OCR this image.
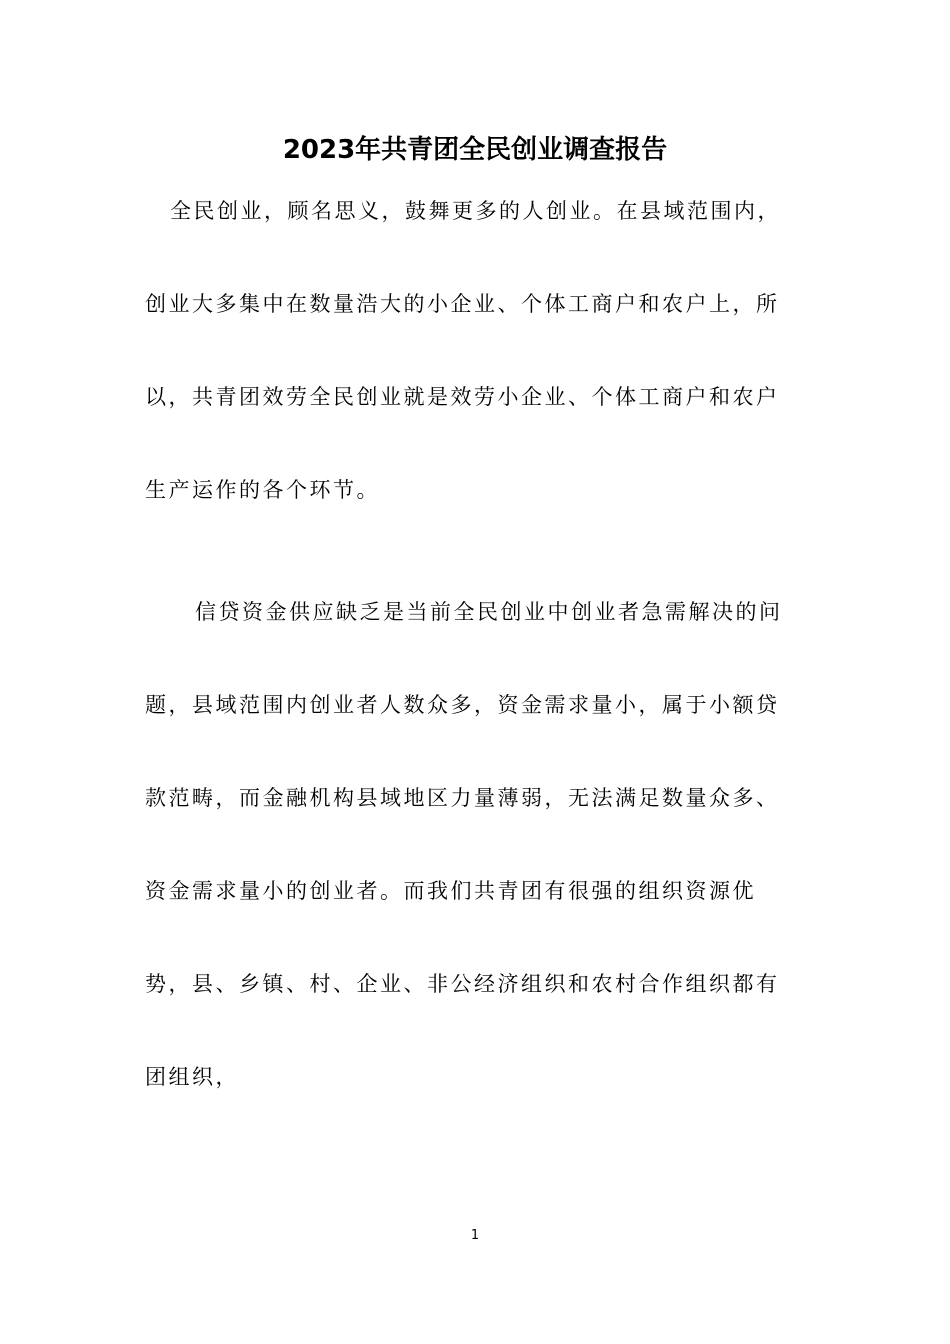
2023年共青团全民创业调查报告
全民创业，顾名思义，鼓舞更多的人创业。在县域范围内，
创业大多集中在数量浩大的小企业、个体工商户和农户上，所
以，共青团效劳全民创业就是效劳小企业、个体工商户和农户
生产运作的各个环节。
信贷资金供应缺乏是当前全民创业中创业者急需解决的问
题，县域范围内创业者人数众多，资金需求量小，属于小额贷
款范畴，而金融机构县域地区力量薄弱，无法满足数量众多、
资金需求量小的创业者。而我们共青团有很强的组织资源优
势，县、乡镇、村、企业、非公经济组织和农村合作组织都有
团组织，
1
